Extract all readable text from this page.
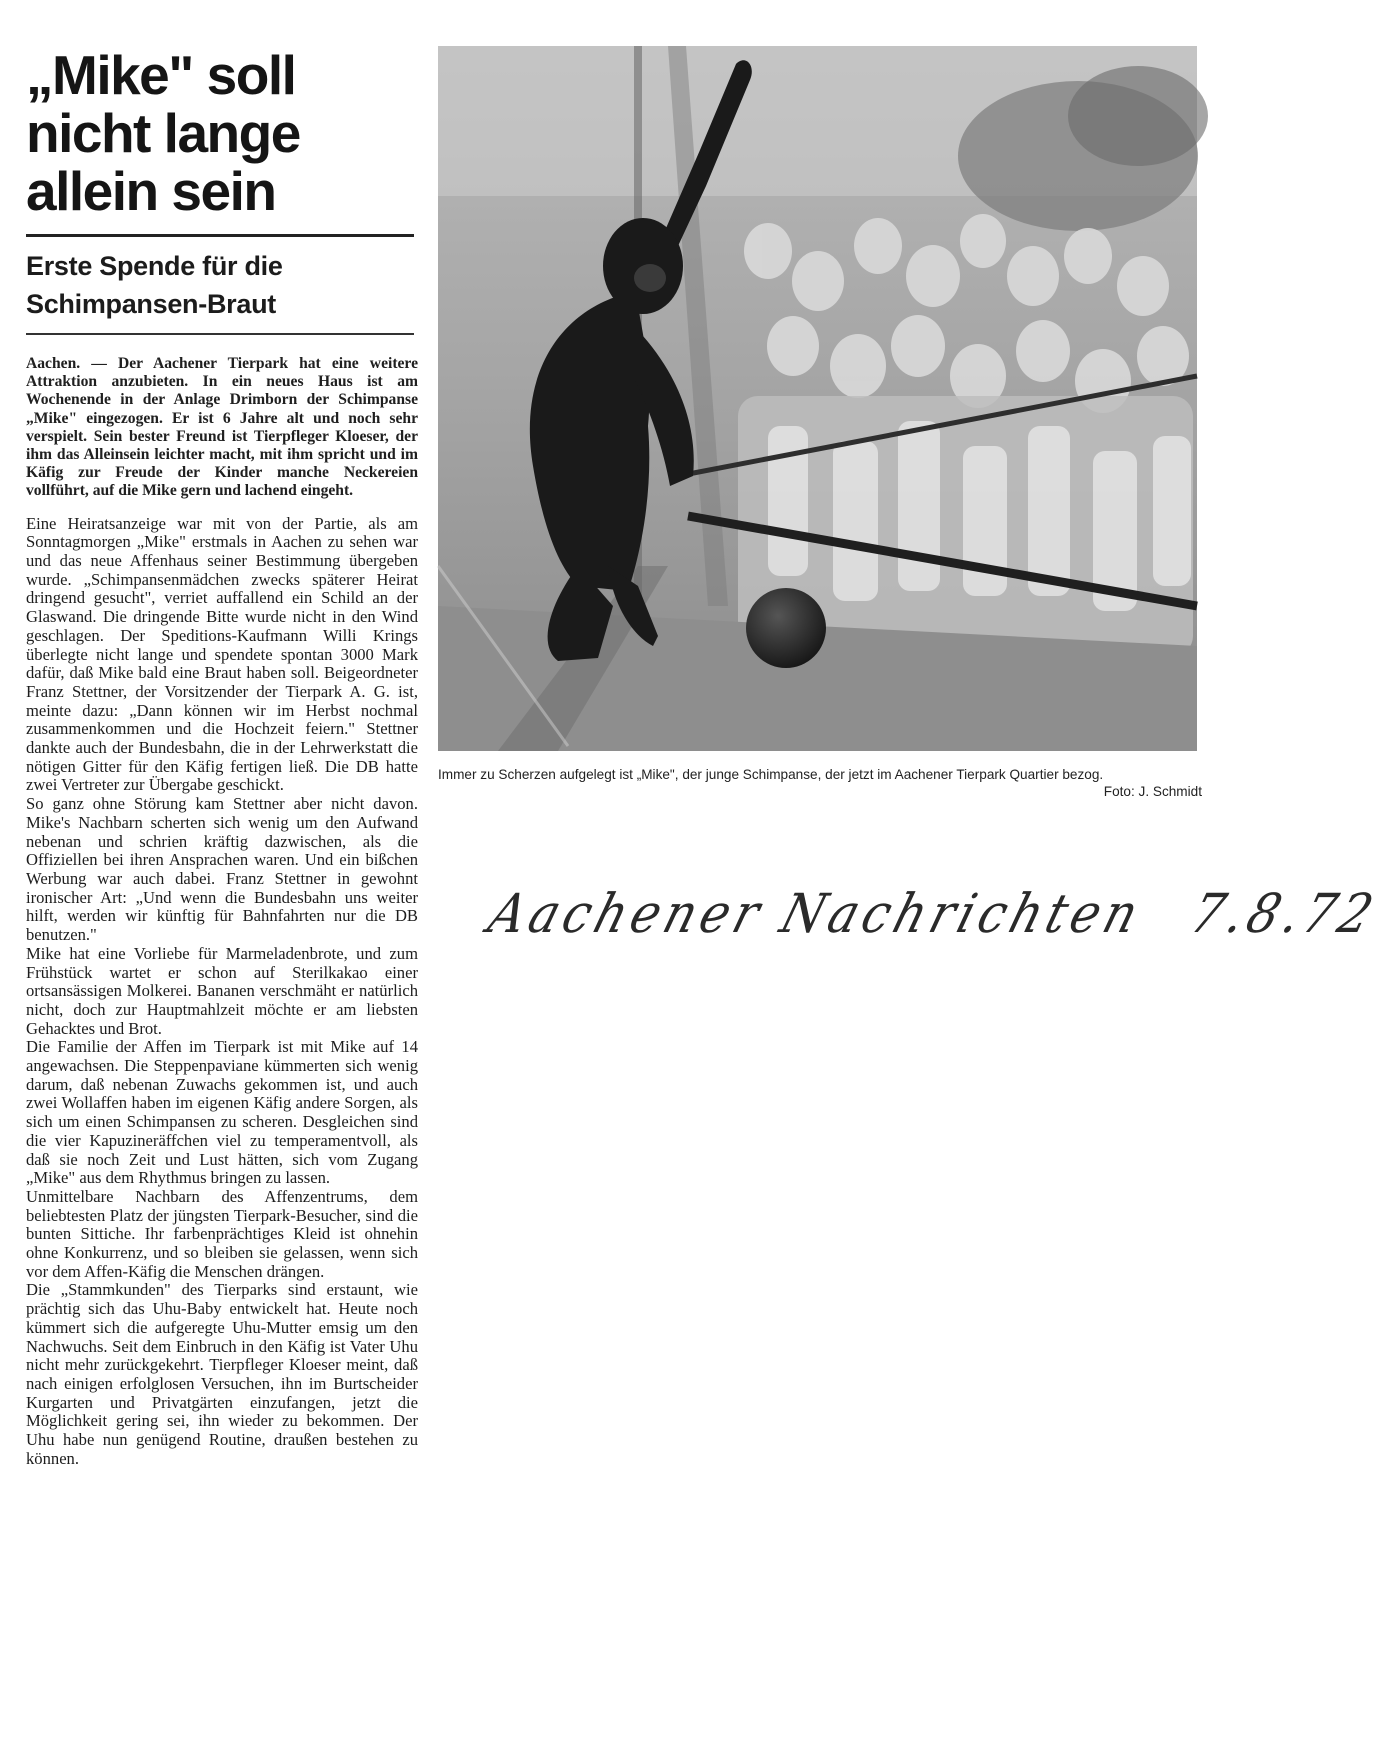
„Mike" soll
nicht lange
allein sein
Erste Spende für die
Schimpansen-Braut

Aachen. — Der Aachener Tierpark hat eine weitere Attraktion anzubieten. In ein neues Haus ist am Wochenende in der Anlage Drimborn der Schimpanse „Mike" eingezogen. Er ist 6 Jahre alt und noch sehr verspielt. Sein bester Freund ist Tierpfleger Kloeser, der ihm das Alleinsein leichter macht, mit ihm spricht und im Käfig zur Freude der Kinder manche Neckereien vollführt, auf die Mike gern und lachend eingeht.

Eine Heiratsanzeige war mit von der Partie, als am Sonntagmorgen „Mike" erstmals in Aachen zu sehen war und das neue Affenhaus seiner Bestimmung übergeben wurde. „Schimpansenmädchen zwecks späterer Heirat dringend gesucht", verriet auffallend ein Schild an der Glaswand. Die dringende Bitte wurde nicht in den Wind geschlagen. Der Speditions-Kaufmann Willi Krings überlegte nicht lange und spendete spontan 3000 Mark dafür, daß Mike bald eine Braut haben soll. Beigeordneter Franz Stettner, der Vorsitzender der Tierpark A. G. ist, meinte dazu: „Dann können wir im Herbst nochmal zusammenkommen und die Hochzeit feiern." Stettner dankte auch der Bundesbahn, die in der Lehrwerkstatt die nötigen Gitter für den Käfig fertigen ließ. Die DB hatte zwei Vertreter zur Übergabe geschickt.

So ganz ohne Störung kam Stettner aber nicht davon. Mike's Nachbarn scherten sich wenig um den Aufwand nebenan und schrien kräftig dazwischen, als die Offiziellen bei ihren Ansprachen waren. Und ein bißchen Werbung war auch dabei. Franz Stettner in gewohnt ironischer Art: „Und wenn die Bundesbahn uns weiter hilft, werden wir künftig für Bahnfahrten nur die DB benutzen."

Mike hat eine Vorliebe für Marmeladenbrote, und zum Frühstück wartet er schon auf Sterilkakao einer ortsansässigen Molkerei. Bananen verschmäht er natürlich nicht, doch zur Hauptmahlzeit möchte er am liebsten Gehacktes und Brot.

Die Familie der Affen im Tierpark ist mit Mike auf 14 angewachsen. Die Steppenpaviane kümmerten sich wenig darum, daß nebenan Zuwachs gekommen ist, und auch zwei Wollaffen haben im eigenen Käfig andere Sorgen, als sich um einen Schimpansen zu scheren. Desgleichen sind die vier Kapuzineräffchen viel zu temperamentvoll, als daß sie noch Zeit und Lust hätten, sich vom Zugang „Mike" aus dem Rhythmus bringen zu lassen.

Unmittelbare Nachbarn des Affenzentrums, dem beliebtesten Platz der jüngsten Tierpark-Besucher, sind die bunten Sittiche. Ihr farbenprächtiges Kleid ist ohnehin ohne Konkurrenz, und so bleiben sie gelassen, wenn sich vor dem Affen-Käfig die Menschen drängen.

Die „Stammkunden" des Tierparks sind erstaunt, wie prächtig sich das Uhu-Baby entwickelt hat. Heute noch kümmert sich die aufgeregte Uhu-Mutter emsig um den Nachwuchs. Seit dem Einbruch in den Käfig ist Vater Uhu nicht mehr zurückgekehrt. Tierpfleger Kloeser meint, daß nach einigen erfolglosen Versuchen, ihn im Burtscheider Kurgarten und Privatgärten einzufangen, jetzt die Möglichkeit gering sei, ihn wieder zu bekommen. Der Uhu habe nun genügend Routine, draußen bestehen zu können.

Immer zu Scherzen aufgelegt ist „Mike", der junge Schimpanse, der jetzt im Aachener Tierpark Quartier bezog.
Foto: J. Schmidt
Aachener Nachrichten 7.8.72
